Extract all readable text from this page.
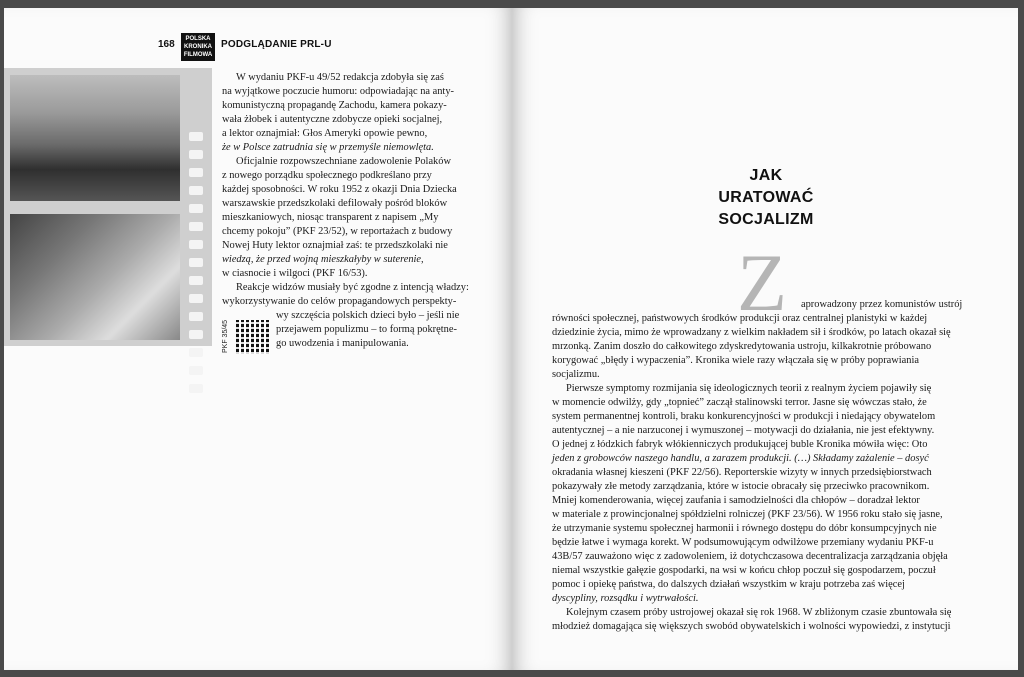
168	POLSKA
KRONIKA
FILMOWA
PODGLĄDANIE PRL-U
PKF 35/45

W wydaniu PKF-u 49/52 redakcja zdobyła się zaś

na wyjątkowe poczucie humoru: odpowiadając na anty-

komunistyczną propagandę Zachodu, kamera pokazy-

wała żłobek i autentyczne zdobycze opieki socjalnej,

a lektor oznajmiał: Głos Ameryki opowie pewno,

że w Polsce zatrudnia się w przemyśle niemowlęta.

Oficjalnie rozpowszechniane zadowolenie Polaków

z nowego porządku społecznego podkreślano przy

każdej sposobności. W roku 1952 z okazji Dnia Dziecka

warszawskie przedszkolaki defilowały pośród bloków

mieszkaniowych, niosąc transparent z napisem „My

chcemy pokoju” (PKF 23/52), w reportażach z budowy

Nowej Huty lektor oznajmiał zaś: te przedszkolaki nie

wiedzą, że przed wojną mieszkałyby w suterenie,

w ciasnocie i wilgoci (PKF 16/53).

Reakcje widzów musiały być zgodne z intencją władzy:

wykorzystywanie do celów propagandowych perspekty-

wy szczęścia polskich dzieci było – jeśli nie

przejawem populizmu – to formą pokrętne-

go uwodzenia i manipulowania.

JAK
URATOWAĆ
SOCJALIZM
Z aprowadzony przez komunistów ustrój

równości społecznej, państwowych środków produkcji oraz centralnej planistyki w każdej

dziedzinie życia, mimo że wprowadzany z wielkim nakładem sił i środków, po latach okazał się

mrzonką. Zanim doszło do całkowitego zdyskredytowania ustroju, kilkakrotnie próbowano

korygować „błędy i wypaczenia”. Kronika wiele razy włączała się w próby poprawiania

socjalizmu.

Pierwsze symptomy rozmijania się ideologicznych teorii z realnym życiem pojawiły się

w momencie odwilży, gdy „topnieć” zaczął stalinowski terror. Jasne się wówczas stało, że

system permanentnej kontroli, braku konkurencyjności w produkcji i niedający obywatelom

autentycznej – a nie narzuconej i wymuszonej – motywacji do działania, nie jest efektywny.

O jednej z łódzkich fabryk włókienniczych produkującej buble Kronika mówiła więc: Oto

jeden z grobowców naszego handlu, a zarazem produkcji. (…) Składamy zażalenie – dosyć

okradania własnej kieszeni (PKF 22/56). Reporterskie wizyty w innych przedsiębiorstwach

pokazywały złe metody zarządzania, które w istocie obracały się przeciwko pracownikom.

Mniej komenderowania, więcej zaufania i samodzielności dla chłopów – doradzał lektor

w materiale z prowincjonalnej spółdzielni rolniczej (PKF 23/56). W 1956 roku stało się jasne,

że utrzymanie systemu społecznej harmonii i równego dostępu do dóbr konsumpcyjnych nie

będzie łatwe i wymaga korekt. W podsumowującym odwilżowe przemiany wydaniu PKF-u

43B/57 zauważono więc z zadowoleniem, iż dotychczasowa decentralizacja zarządzania objęła

niemal wszystkie gałęzie gospodarki, na wsi w końcu chłop poczuł się gospodarzem, poczuł

pomoc i opiekę państwa, do dalszych działań wszystkim w kraju potrzeba zaś więcej

dyscypliny, rozsądku i wytrwałości.

Kolejnym czasem próby ustrojowej okazał się rok 1968. W zbliżonym czasie zbuntowała się

młodzież domagająca się większych swobód obywatelskich i wolności wypowiedzi, z instytucji
